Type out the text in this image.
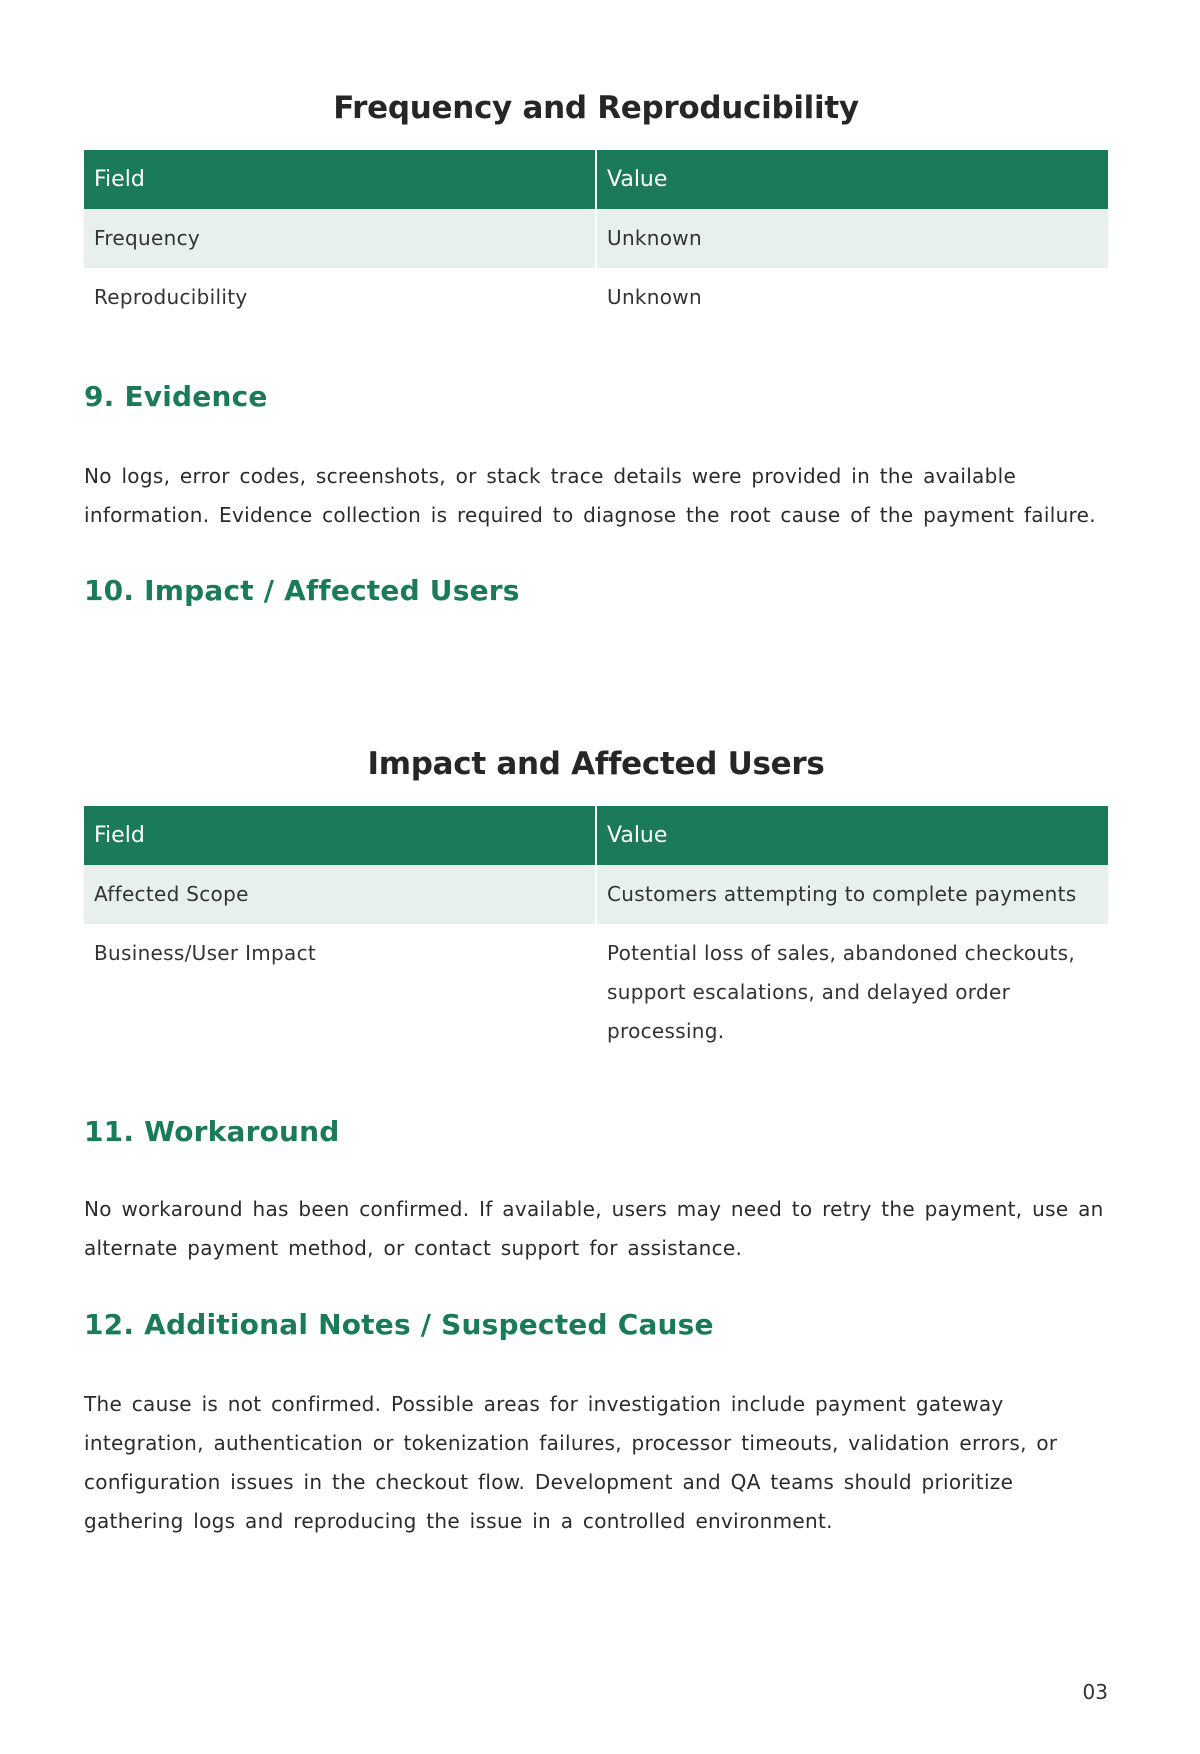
Frequency and Reproducibility
Field	Value
Frequency	Unknown
Reproducibility	Unknown
9. Evidence

No logs, error codes, screenshots, or stack trace details were provided in the available information. Evidence collection is required to diagnose the root cause of the payment failure.

10. Impact / Affected Users
Impact and Affected Users
Field	Value
Affected Scope	Customers attempting to complete payments
Business/User Impact	Potential loss of sales, abandoned checkouts, support escalations, and delayed order processing.
11. Workaround

No workaround has been confirmed. If available, users may need to retry the payment, use an alternate payment method, or contact support for assistance.

12. Additional Notes / Suspected Cause

The cause is not confirmed. Possible areas for investigation include payment gateway integration, authentication or tokenization failures, processor timeouts, validation errors, or configuration issues in the checkout flow. Development and QA teams should prioritize gathering logs and reproducing the issue in a controlled environment.

03
